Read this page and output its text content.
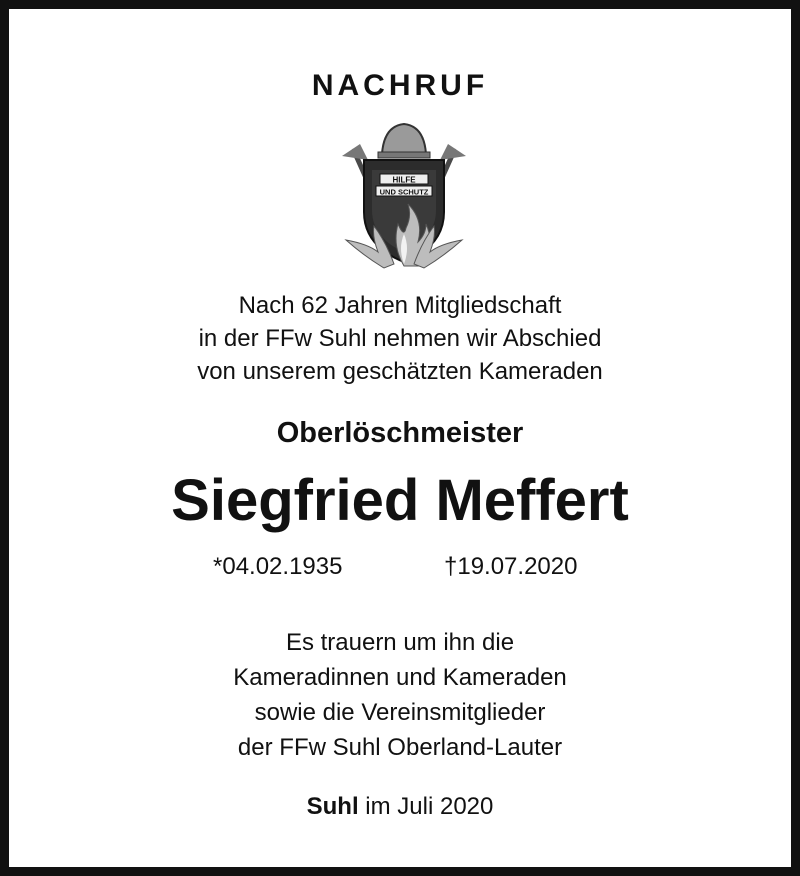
NACHRUF
HILFE
UND SCHUTZ
Nach 62 Jahren Mitgliedschaft
in der FFw Suhl nehmen wir Abschied
von unserem geschätzten Kameraden
Oberlöschmeister
Siegfried Meffert
*04.02.1935	†19.07.2020
Es trauern um ihn die
Kameradinnen und Kameraden
sowie die Vereinsmitglieder
der FFw Suhl Oberland-Lauter
Suhl im Juli 2020
